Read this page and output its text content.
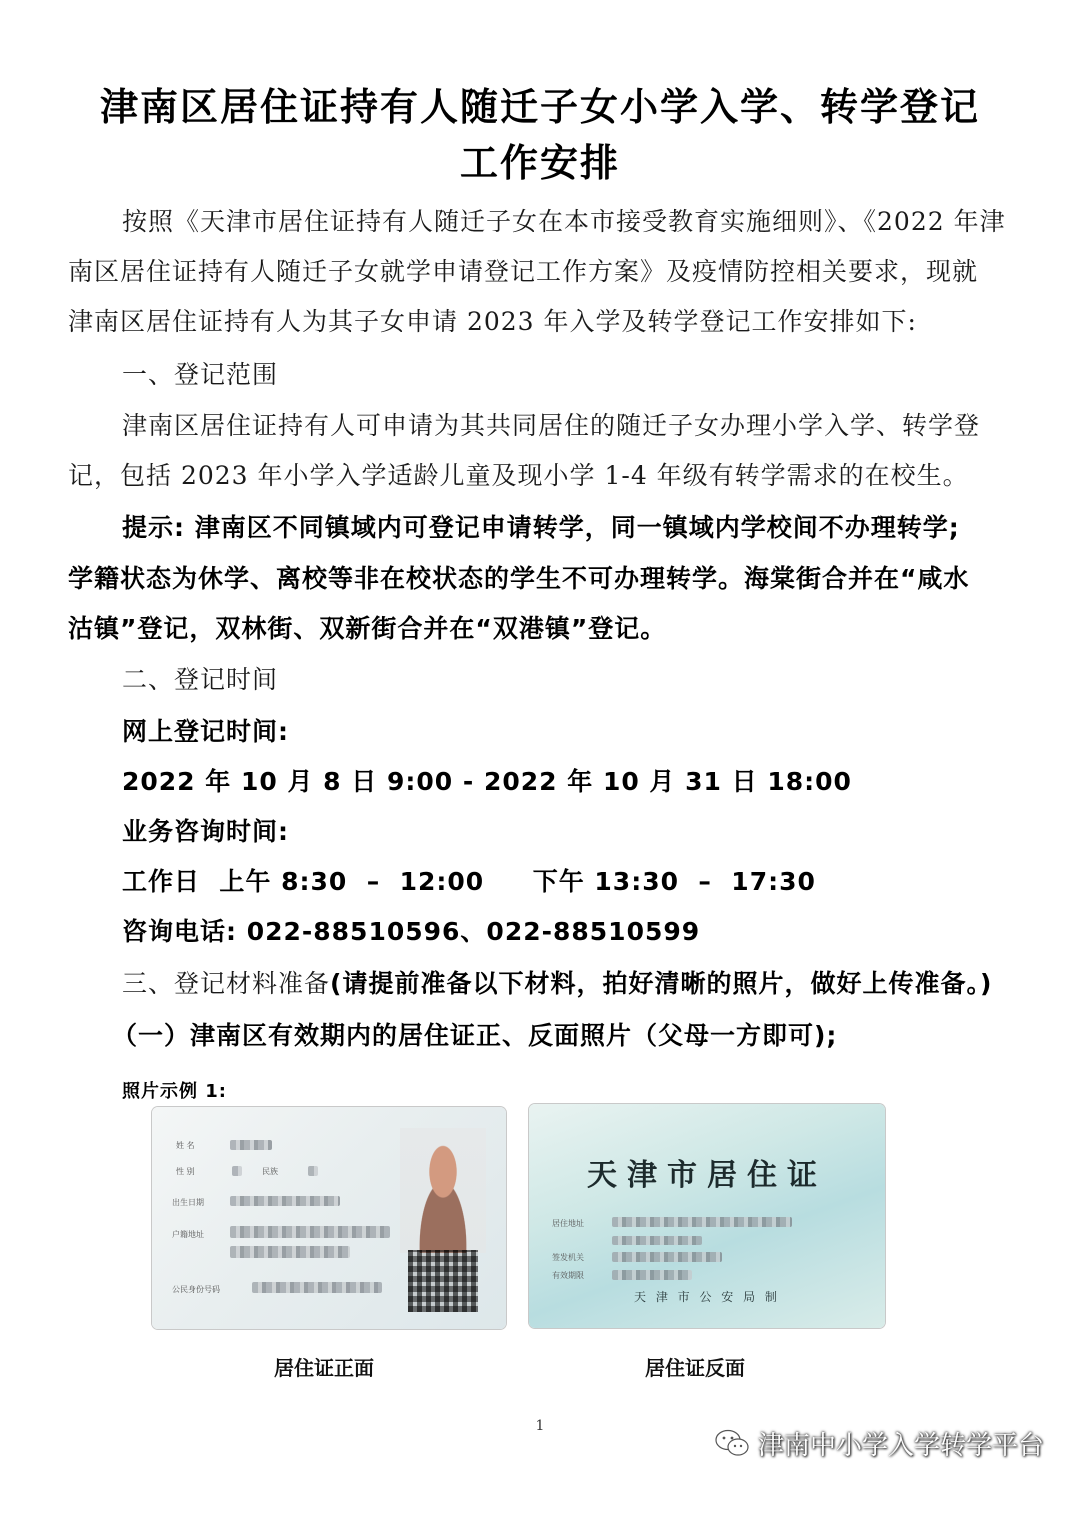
津南区居住证持有人随迁子女小学入学、转学登记
工作安排
按照《天津市居住证持有人随迁子女在本市接受教育实施细则》、《2022 年津
南区居住证持有人随迁子女就学申请登记工作方案》及疫情防控相关要求，现就
津南区居住证持有人为其子女申请 2023 年入学及转学登记工作安排如下:
一、登记范围
津南区居住证持有人可申请为其共同居住的随迁子女办理小学入学、转学登
记，包括 2023 年小学入学适龄儿童及现小学 1-4 年级有转学需求的在校生。
提示: 津南区不同镇域内可登记申请转学，同一镇域内学校间不办理转学;
学籍状态为休学、离校等非在校状态的学生不可办理转学。海棠街合并在“咸水
沽镇”登记，双林街、双新街合并在“双港镇”登记。
二、登记时间
网上登记时间:
2022 年 10 月 8 日 9:00 - 2022 年 10 月 31 日 18:00
业务咨询时间:
工作日  上午 8:30  –  12:00     下午 13:30  –  17:30
咨询电话: 022-88510596、022-88510599
三、登记材料准备(请提前准备以下材料，拍好清晰的照片，做好上传准备。)
（一）津南区有效期内的居住证正、反面照片（父母一方即可);
照片示例 1:
姓 名
性 别	民族
出生日期
户籍地址
公民身份号码
天津市居住证
居住地址
签发机关
有效期限
天 津 市 公 安 局 制
居住证正面	居住证反面
1
津南中小学入学转学平台
